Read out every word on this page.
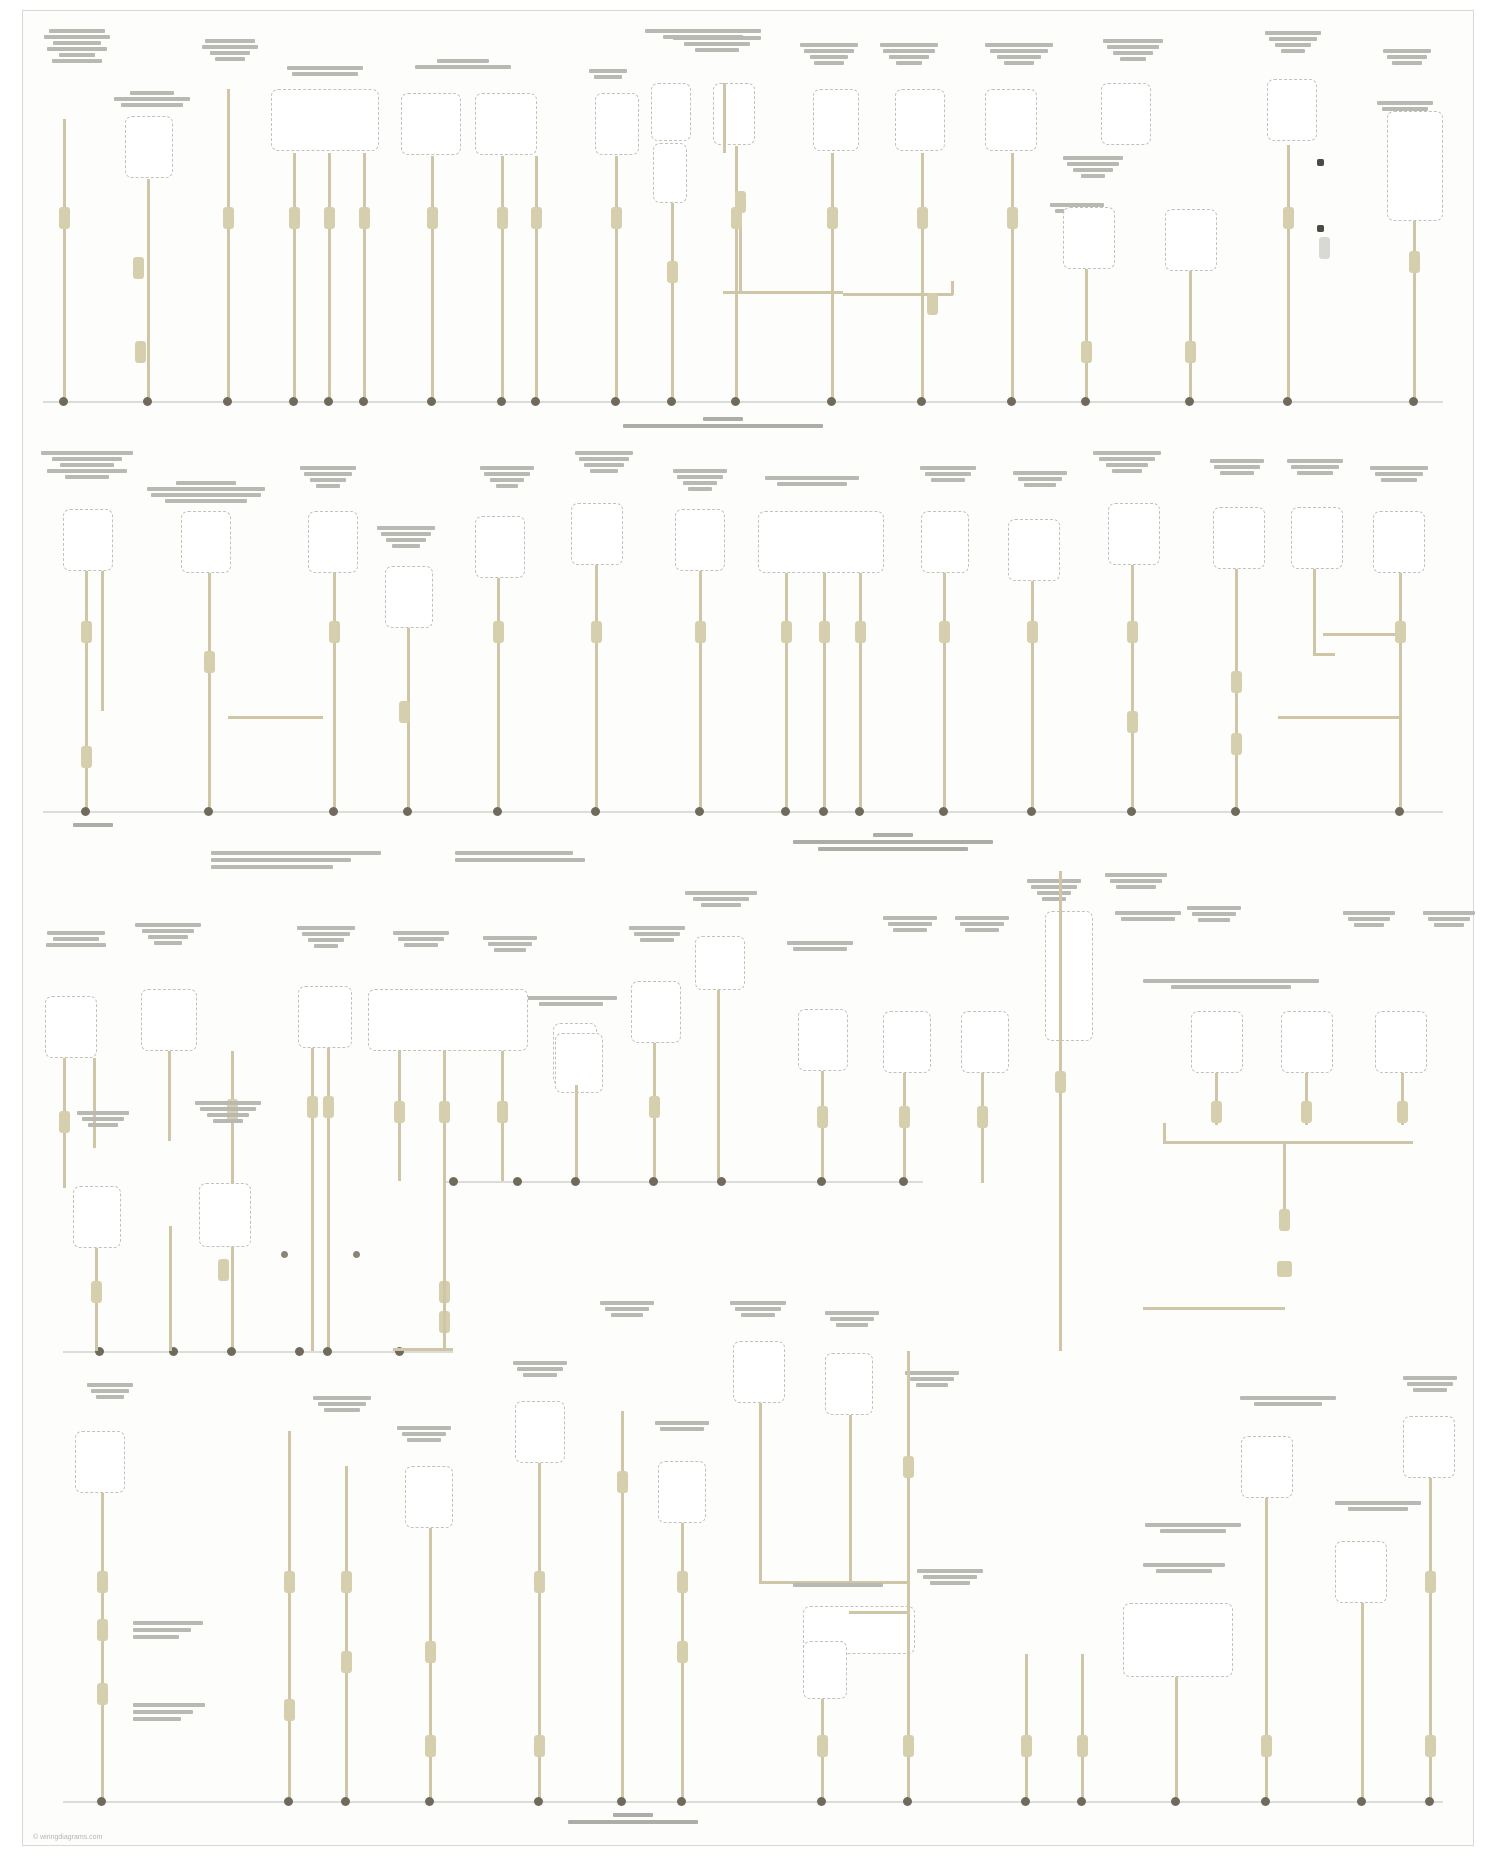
© wiringdiagrams.com
